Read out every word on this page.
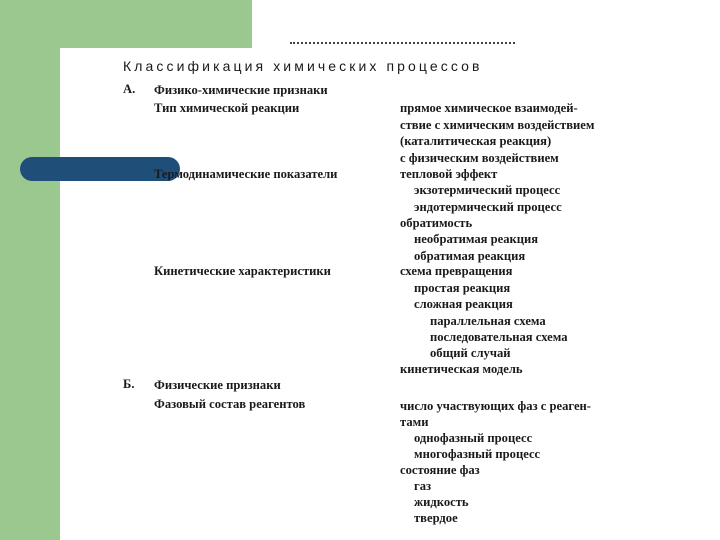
Классификация химических процессов
А. Физико-химические признаки
Тип химической реакции
Термодинамические показатели
Кинетические характеристики
прямое химическое взаимодей-
ствие с химическим воздействием
(каталитическая реакция)
с физическим воздействием
тепловой эффект
экзотермический процесс
эндотермический процесс
обратимость
необратимая реакция
обратимая реакция
схема превращения
простая реакция
сложная реакция
параллельная схема
последовательная схема
общий случай
кинетическая модель
Б. Физические признаки
Фазовый состав реагентов	число участвующих фаз с реаген-
тами
однофазный процесс
многофазный процесс
состояние фаз
газ
жидкость
твердое
